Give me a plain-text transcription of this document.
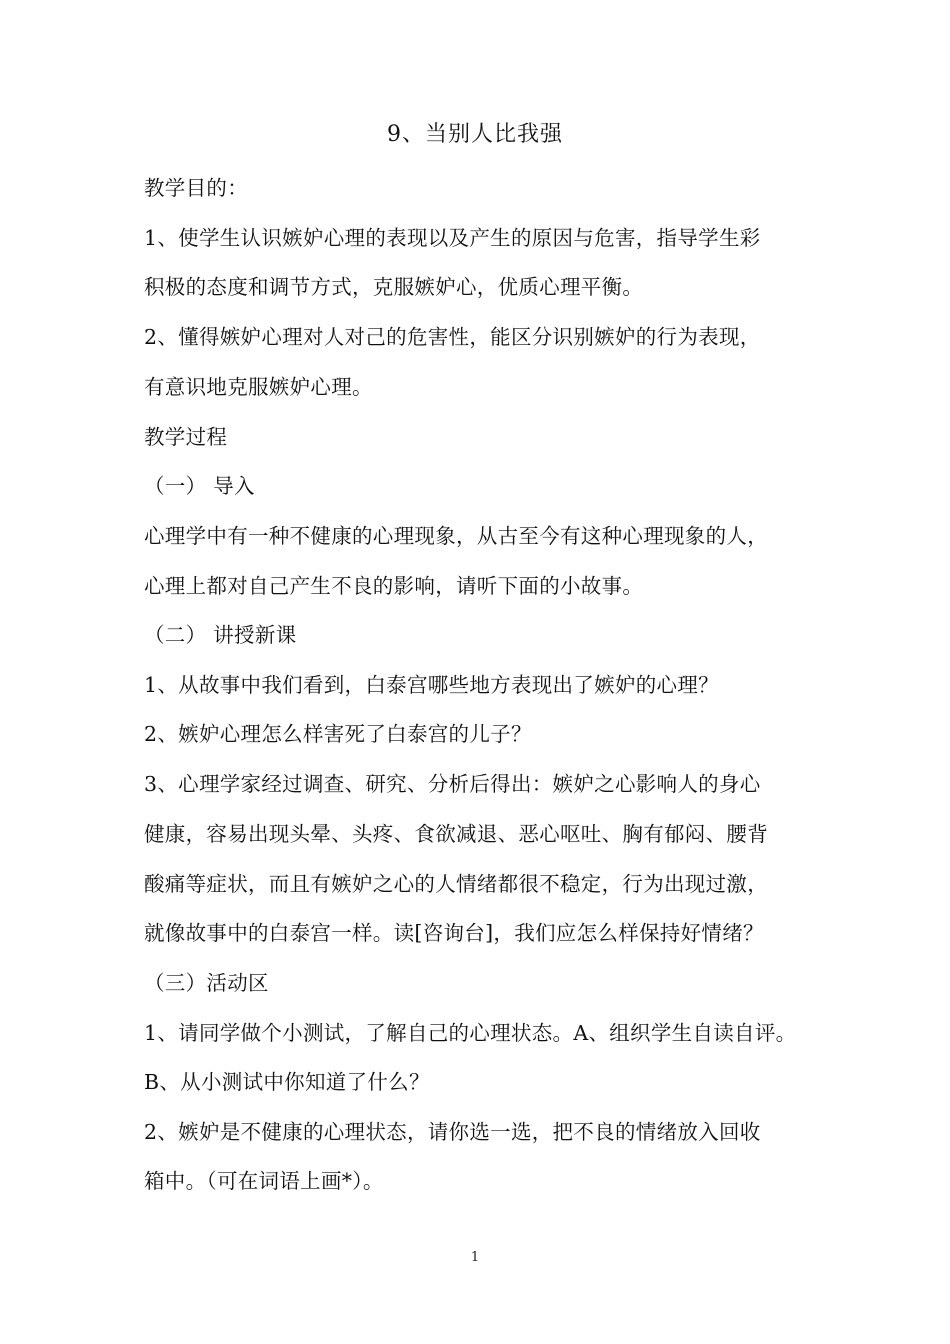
9、当别人比我强
教学目的：
1、使学生认识嫉妒心理的表现以及产生的原因与危害，指导学生彩
积极的态度和调节方式，克服嫉妒心，优质心理平衡。
2、懂得嫉妒心理对人对己的危害性，能区分识别嫉妒的行为表现，
有意识地克服嫉妒心理。
教学过程
（一） 导入
心理学中有一种不健康的心理现象，从古至今有这种心理现象的人，
心理上都对自己产生不良的影响，请听下面的小故事。
（二） 讲授新课
1、从故事中我们看到，白泰宫哪些地方表现出了嫉妒的心理？
2、嫉妒心理怎么样害死了白泰宫的儿子？
3、心理学家经过调查、研究、分析后得出：嫉妒之心影响人的身心
健康，容易出现头晕、头疼、食欲减退、恶心呕吐、胸有郁闷、腰背
酸痛等症状，而且有嫉妒之心的人情绪都很不稳定，行为出现过激，
就像故事中的白泰宫一样。读[咨询台]，我们应怎么样保持好情绪？
（三）活动区
1、请同学做个小测试，了解自己的心理状态。A、组织学生自读自评。
B、从小测试中你知道了什么？
2、嫉妒是不健康的心理状态，请你选一选，把不良的情绪放入回收
箱中。（可在词语上画*）。
1
